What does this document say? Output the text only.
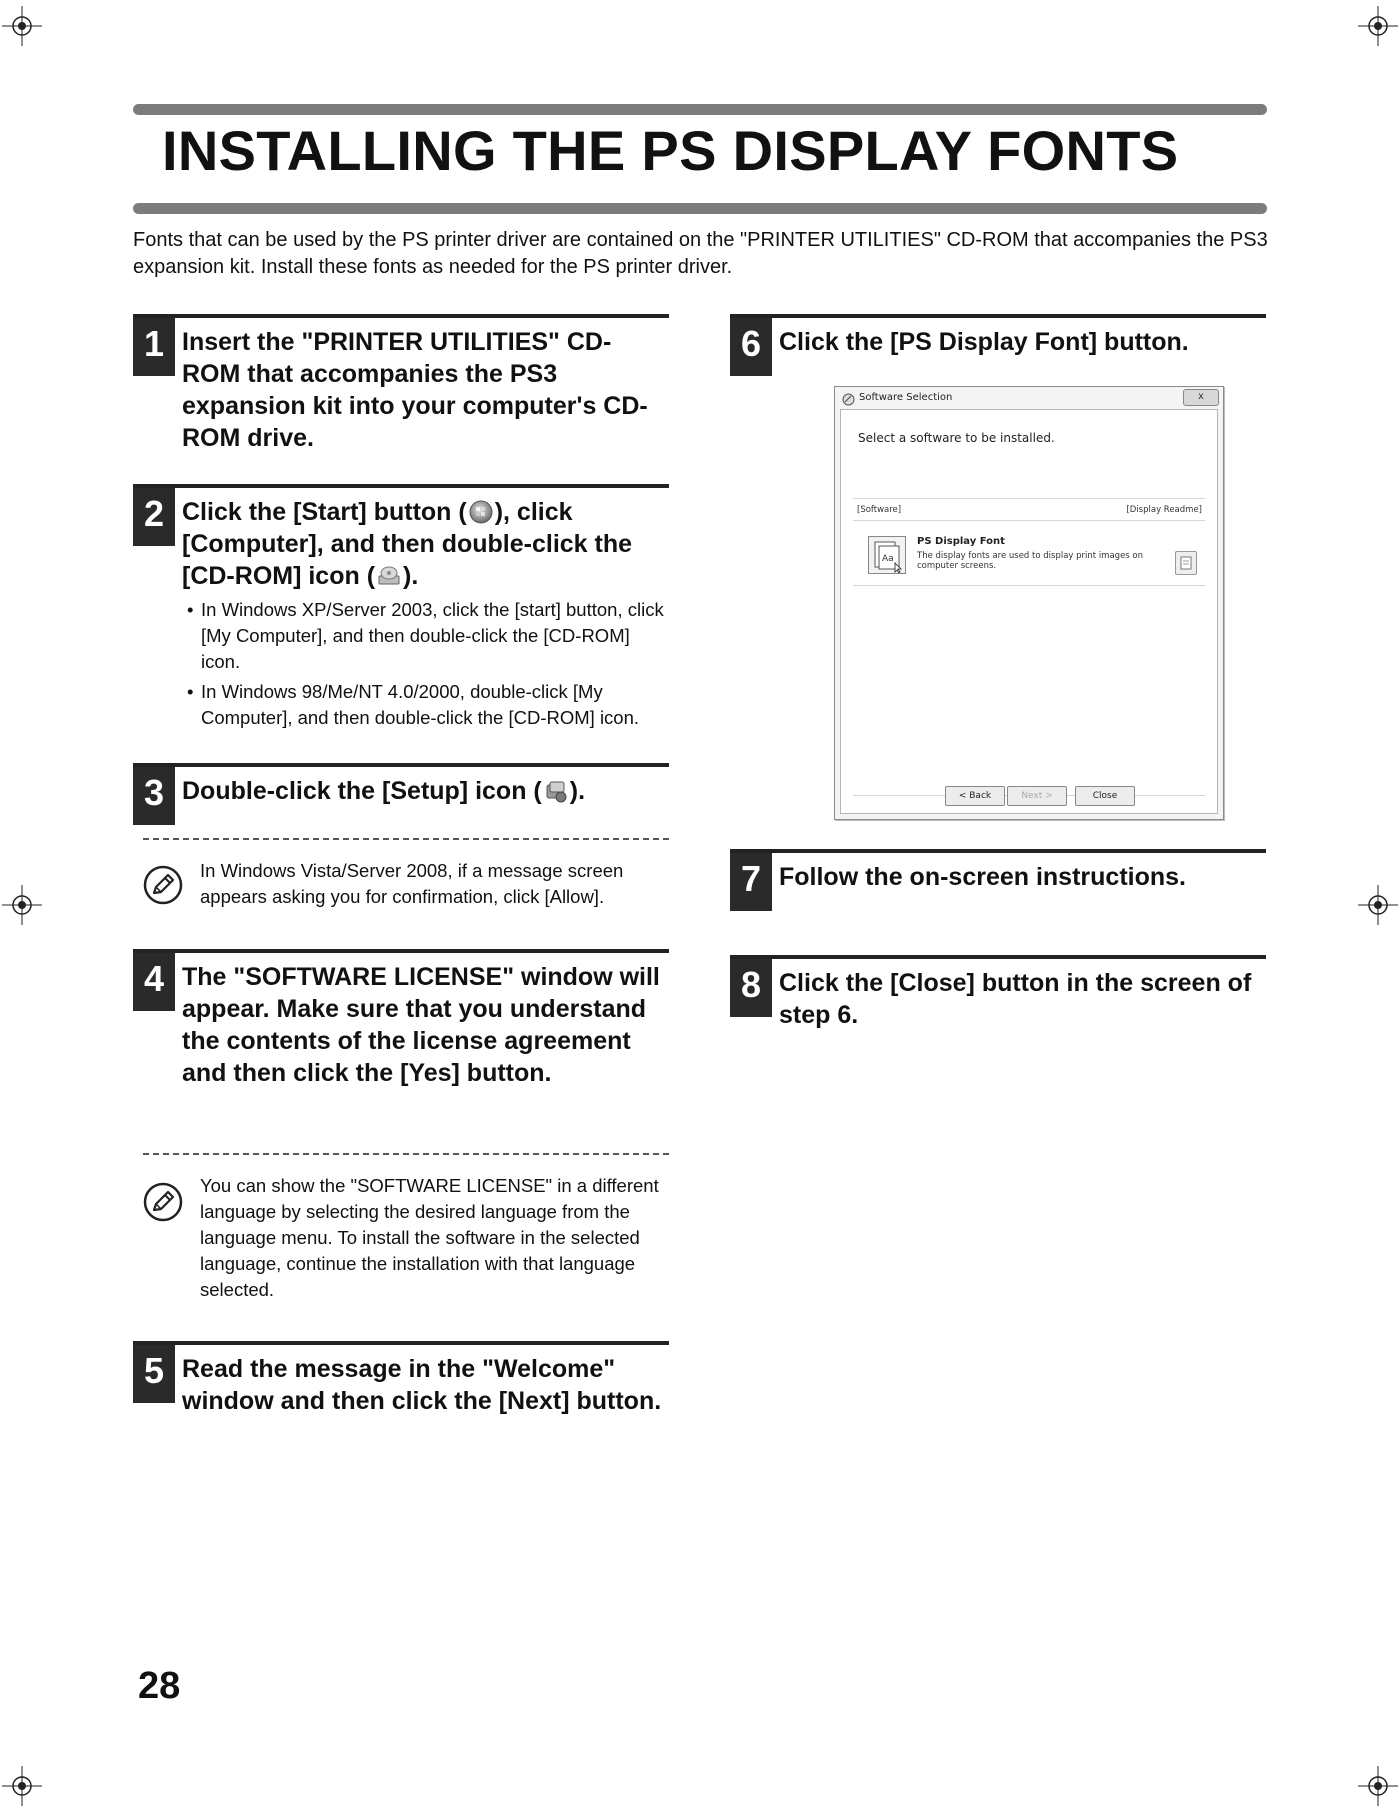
INSTALLING THE PS DISPLAY FONTS

Fonts that can be used by the PS printer driver are contained on the "PRINTER UTILITIES" CD-ROM that accompanies the PS3 expansion kit. Install these fonts as needed for the PS printer driver.

1 Insert the "PRINTER UTILITIES" CD-ROM that accompanies the PS3 expansion kit into your computer's CD-ROM drive.
2 Click the [Start] button ( ), click [Computer], and then double-click the [CD-ROM] icon ( ).
• In Windows XP/Server 2003, click the [start] button, click [My Computer], and then double-click the [CD-ROM] icon.
• In Windows 98/Me/NT 4.0/2000, double-click [My Computer], and then double-click the [CD-ROM] icon.
3 Double-click the [Setup] icon ( ).
In Windows Vista/Server 2008, if a message screen appears asking you for confirmation, click [Allow].
4 The "SOFTWARE LICENSE" window will appear. Make sure that you understand the contents of the license agreement and then click the [Yes] button.
You can show the "SOFTWARE LICENSE" in a different language by selecting the desired language from the language menu. To install the software in the selected language, continue the installation with that language selected.
5 Read the message in the "Welcome" window and then click the [Next] button.
6 Click the [PS Display Font] button.
Software Selection	x
Select a software to be installed.
[Software]	[Display Readme]
Aa
PS Display Font
The display fonts are used to display print images on computer screens.
< Back	Next >	Close
7 Follow the on-screen instructions.
8 Click the [Close] button in the screen of step 6.
28
